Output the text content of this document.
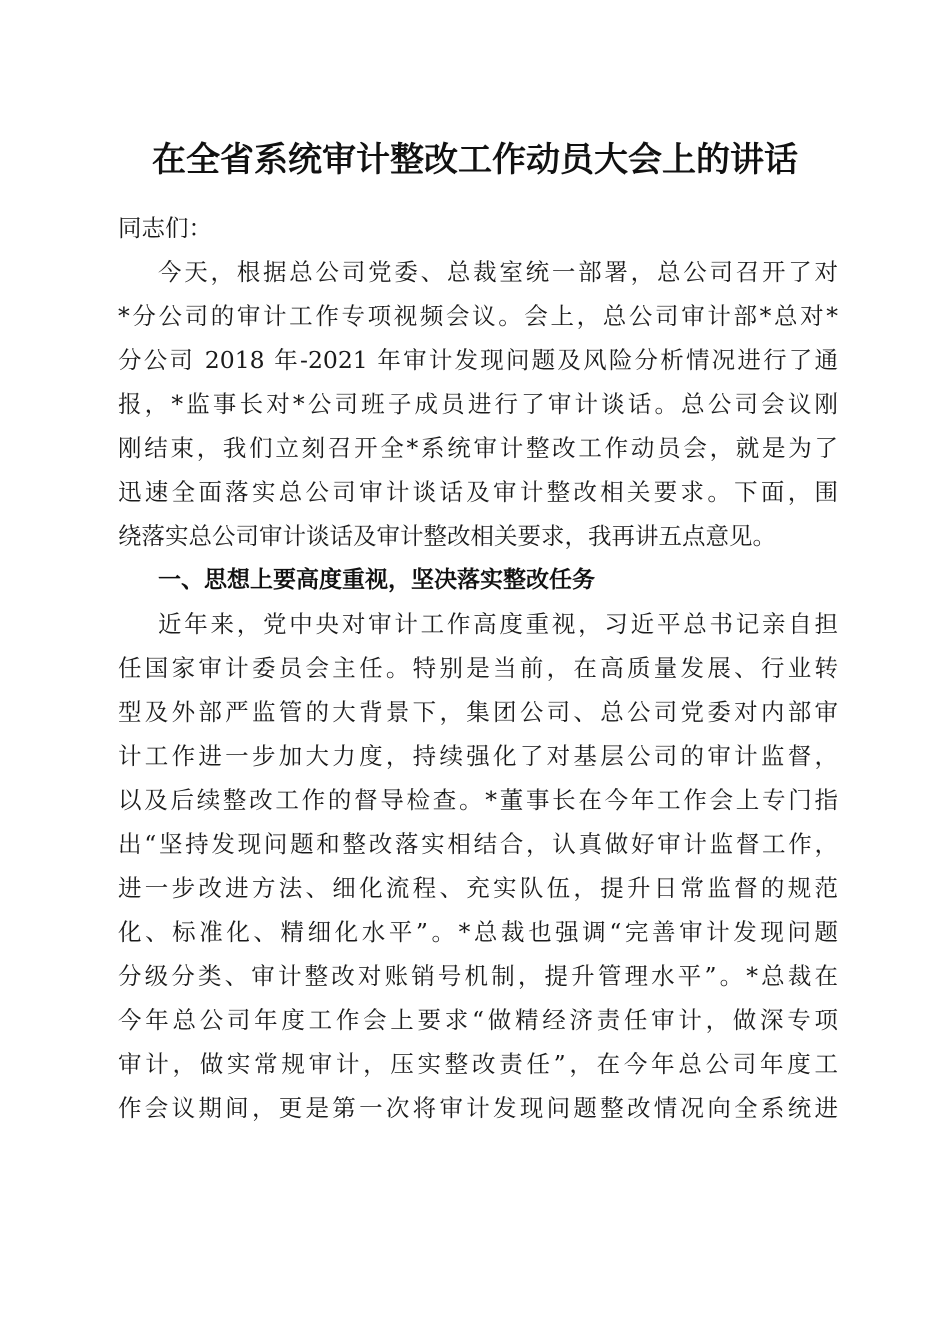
在全省系统审计整改工作动员大会上的讲话
同志们：
今天，根据总公司党委、总裁室统一部署，总公司召开了对
*分公司的审计工作专项视频会议。会上，总公司审计部*总对*
分公司 2018 年-2021 年审计发现问题及风险分析情况进行了通
报，*监事长对*公司班子成员进行了审计谈话。总公司会议刚
刚结束，我们立刻召开全*系统审计整改工作动员会，就是为了
迅速全面落实总公司审计谈话及审计整改相关要求。下面，围
绕落实总公司审计谈话及审计整改相关要求，我再讲五点意见。
一、思想上要高度重视，坚决落实整改任务
近年来，党中央对审计工作高度重视，习近平总书记亲自担
任国家审计委员会主任。特别是当前，在高质量发展、行业转
型及外部严监管的大背景下，集团公司、总公司党委对内部审
计工作进一步加大力度，持续强化了对基层公司的审计监督，
以及后续整改工作的督导检查。*董事长在今年工作会上专门指
出“坚持发现问题和整改落实相结合，认真做好审计监督工作，
进一步改进方法、细化流程、充实队伍，提升日常监督的规范
化、标准化、精细化水平”。*总裁也强调“完善审计发现问题
分级分类、审计整改对账销号机制，提升管理水平”。*总裁在
今年总公司年度工作会上要求“做精经济责任审计，做深专项
审计，做实常规审计，压实整改责任”，在今年总公司年度工
作会议期间，更是第一次将审计发现问题整改情况向全系统进
